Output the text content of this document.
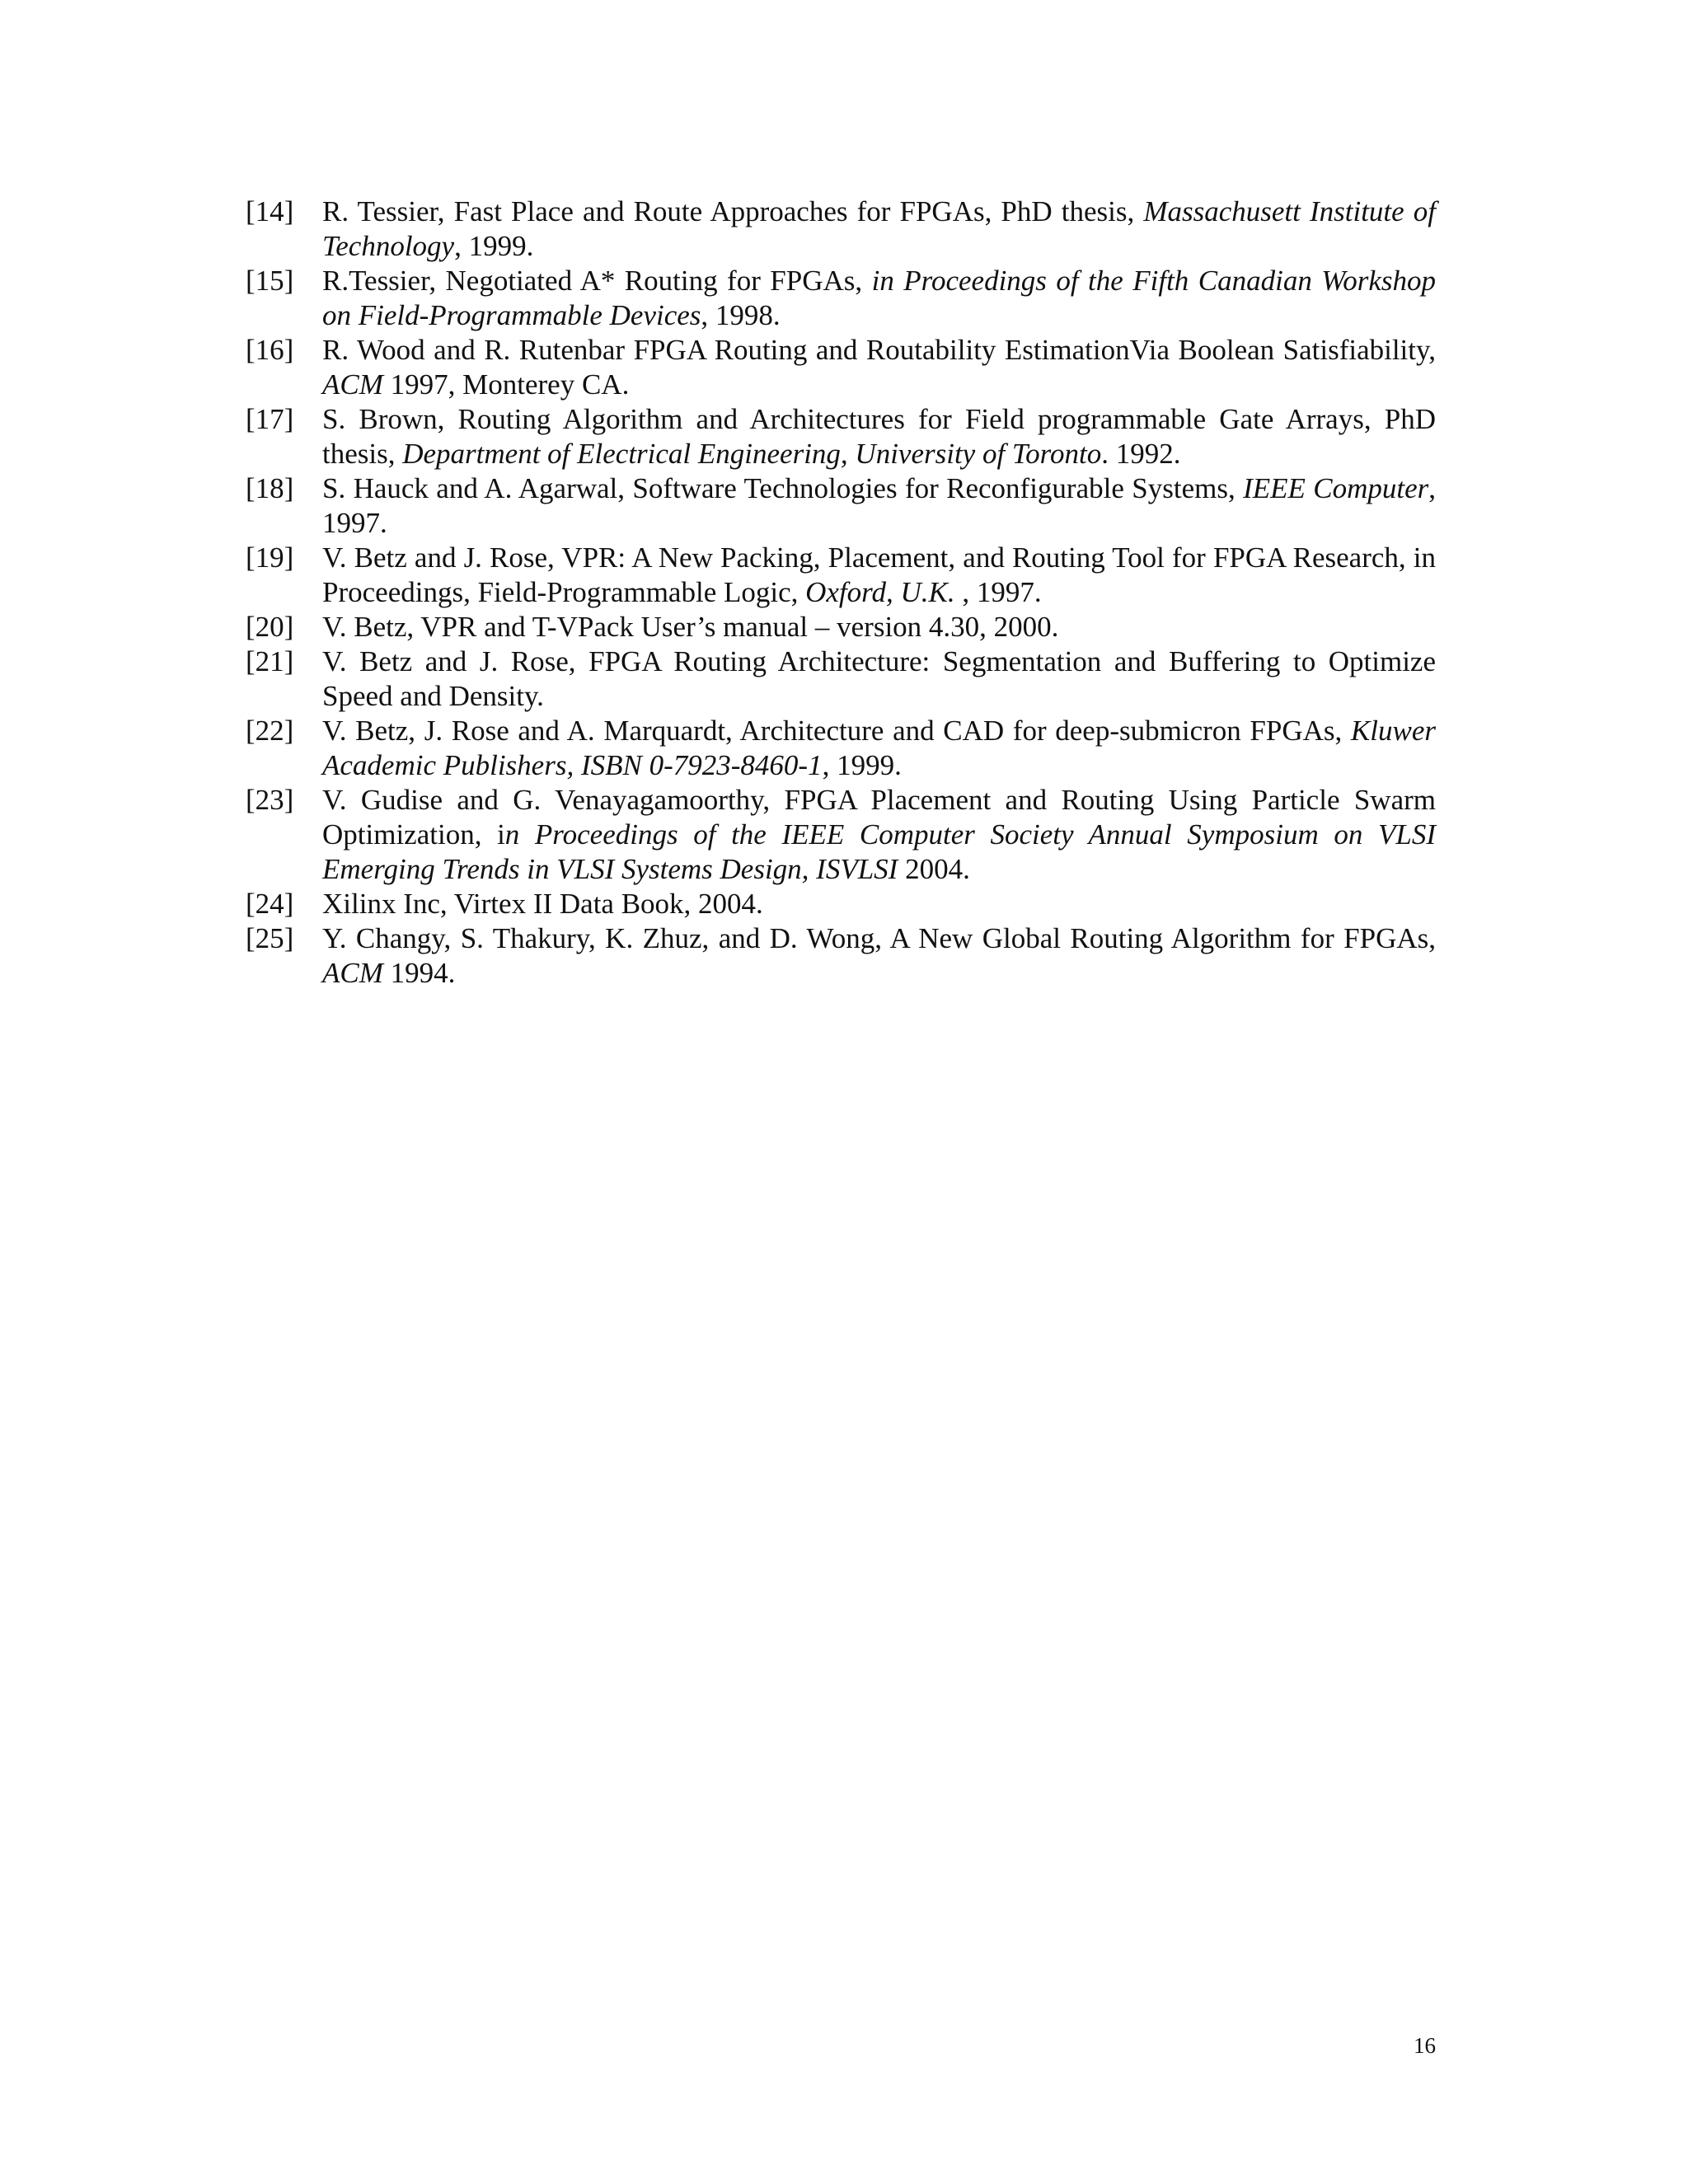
[14] R. Tessier, Fast Place and Route Approaches for FPGAs, PhD thesis, Massachusett Institute of Technology, 1999.
[15] R.Tessier, Negotiated A* Routing for FPGAs, in Proceedings of the Fifth Canadian Workshop on Field-Programmable Devices, 1998.
[16] R. Wood and R. Rutenbar FPGA Routing and Routability EstimationVia Boolean Satisfiability, ACM 1997, Monterey CA.
[17] S. Brown, Routing Algorithm and Architectures for Field programmable Gate Arrays, PhD thesis, Department of Electrical Engineering, University of Toronto. 1992.
[18] S. Hauck and A. Agarwal, Software Technologies for Reconfigurable Systems, IEEE Computer, 1997.
[19] V. Betz and J. Rose, VPR: A New Packing, Placement, and Routing Tool for FPGA Research, in Proceedings, Field-Programmable Logic, Oxford, U.K. , 1997.
[20] V. Betz, VPR and T-VPack User’s manual – version 4.30, 2000.
[21] V. Betz and J. Rose, FPGA Routing Architecture: Segmentation and Buffering to Optimize Speed and Density.
[22] V. Betz, J. Rose and A. Marquardt, Architecture and CAD for deep-submicron FPGAs, Kluwer Academic Publishers, ISBN 0-7923-8460-1, 1999.
[23] V. Gudise and G. Venayagamoorthy, FPGA Placement and Routing Using Particle Swarm Optimization, in Proceedings of the IEEE Computer Society Annual Symposium on VLSI Emerging Trends in VLSI Systems Design, ISVLSI 2004.
[24] Xilinx Inc, Virtex II Data Book, 2004.
[25] Y. Changy, S. Thakury, K. Zhuz, and D. Wong, A New Global Routing Algorithm for FPGAs, ACM 1994.
16
